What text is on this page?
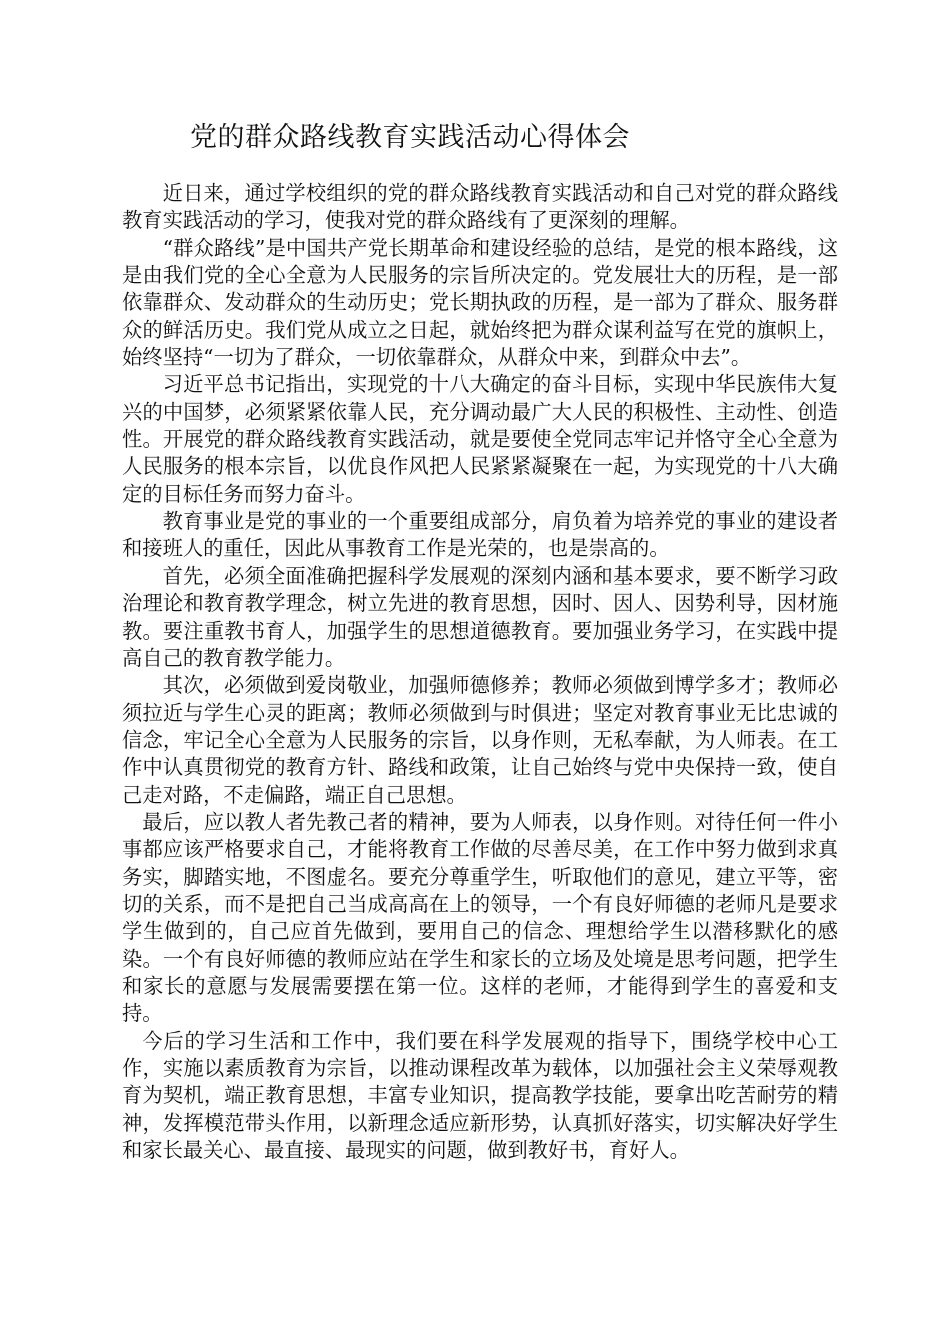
党的群众路线教育实践活动心得体会

近日来，通过学校组织的党的群众路线教育实践活动和自己对党的群众路线教育实践活动的学习，使我对党的群众路线有了更深刻的理解。

“群众路线”是中国共产党长期革命和建设经验的总结，是党的根本路线，这是由我们党的全心全意为人民服务的宗旨所决定的。党发展壮大的历程，是一部依靠群众、发动群众的生动历史；党长期执政的历程，是一部为了群众、服务群众的鲜活历史。我们党从成立之日起，就始终把为群众谋利益写在党的旗帜上，始终坚持“一切为了群众，一切依靠群众，从群众中来，到群众中去”。

习近平总书记指出，实现党的十八大确定的奋斗目标，实现中华民族伟大复兴的中国梦，必须紧紧依靠人民，充分调动最广大人民的积极性、主动性、创造性。开展党的群众路线教育实践活动，就是要使全党同志牢记并恪守全心全意为人民服务的根本宗旨，以优良作风把人民紧紧凝聚在一起，为实现党的十八大确定的目标任务而努力奋斗。

教育事业是党的事业的一个重要组成部分，肩负着为培养党的事业的建设者和接班人的重任，因此从事教育工作是光荣的，也是崇高的。

首先，必须全面准确把握科学发展观的深刻内涵和基本要求，要不断学习政治理论和教育教学理念，树立先进的教育思想，因时、因人、因势利导，因材施教。要注重教书育人，加强学生的思想道德教育。要加强业务学习，在实践中提高自己的教育教学能力。

其次，必须做到爱岗敬业，加强师德修养；教师必须做到博学多才；教师必须拉近与学生心灵的距离；教师必须做到与时俱进；坚定对教育事业无比忠诚的信念，牢记全心全意为人民服务的宗旨，以身作则，无私奉献，为人师表。在工作中认真贯彻党的教育方针、路线和政策，让自己始终与党中央保持一致，使自己走对路，不走偏路，端正自己思想。

最后，应以教人者先教己者的精神，要为人师表，以身作则。对待任何一件小事都应该严格要求自己，才能将教育工作做的尽善尽美，在工作中努力做到求真务实，脚踏实地，不图虚名。要充分尊重学生，听取他们的意见，建立平等，密切的关系，而不是把自己当成高高在上的领导，一个有良好师德的老师凡是要求学生做到的，自己应首先做到，要用自己的信念、理想给学生以潜移默化的感染。一个有良好师德的教师应站在学生和家长的立场及处境是思考问题，把学生和家长的意愿与发展需要摆在第一位。这样的老师，才能得到学生的喜爱和支持。

今后的学习生活和工作中，我们要在科学发展观的指导下，围绕学校中心工作，实施以素质教育为宗旨，以推动课程改革为载体，以加强社会主义荣辱观教育为契机，端正教育思想，丰富专业知识，提高教学技能，要拿出吃苦耐劳的精神，发挥模范带头作用，以新理念适应新形势，认真抓好落实，切实解决好学生和家长最关心、最直接、最现实的问题，做到教好书，育好人。
